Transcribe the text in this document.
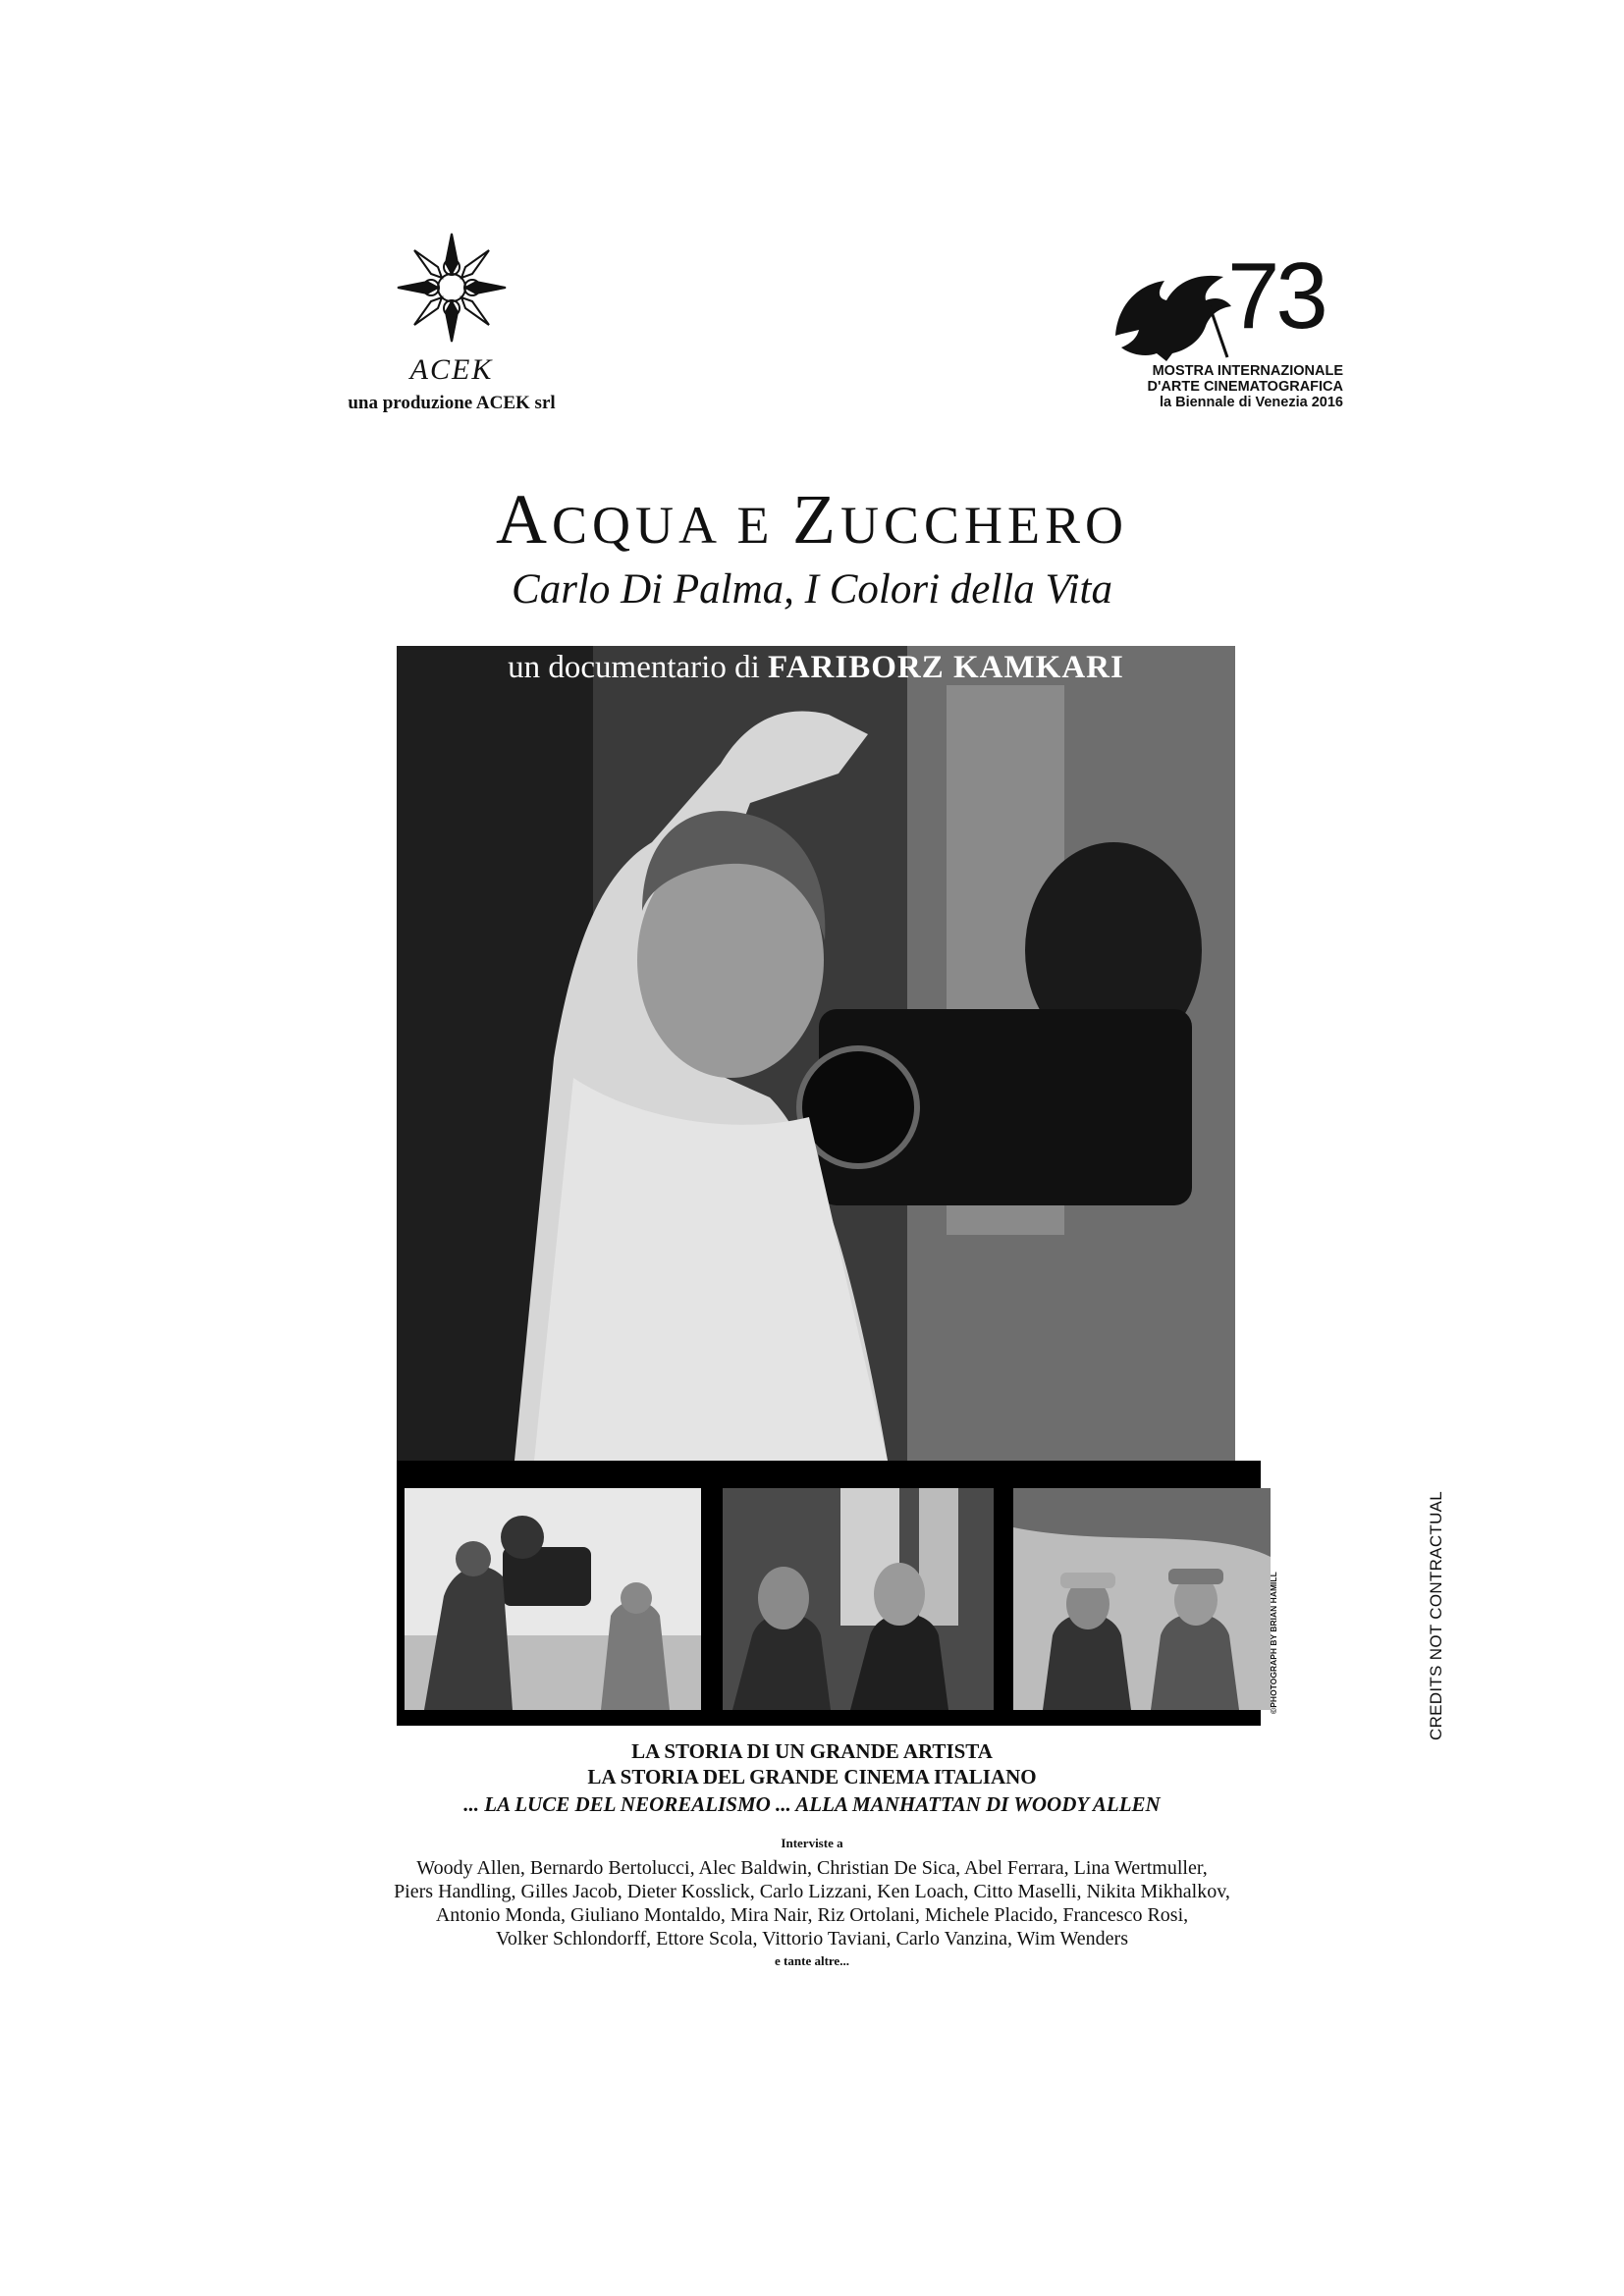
ACEK
una produzione ACEK srl
73
MOSTRA INTERNAZIONALE
D'ARTE CINEMATOGRAFICA
la Biennale di Venezia 2016
ACQUA E ZUCCHERO
Carlo Di Palma, I Colori della Vita
un documentario di FARIBORZ KAMKARI
©PHOTOGRAPH BY BRIAN HAMILL	CREDITS NOT CONTRACTUAL
LA STORIA DI UN GRANDE ARTISTA
LA STORIA DEL GRANDE CINEMA ITALIANO
... LA LUCE DEL NEOREALISMO ... ALLA MANHATTAN DI WOODY ALLEN
Interviste a
Woody Allen, Bernardo Bertolucci, Alec Baldwin, Christian De Sica, Abel Ferrara, Lina Wertmuller,
Piers Handling, Gilles Jacob, Dieter Kosslick, Carlo Lizzani, Ken Loach, Citto Maselli, Nikita Mikhalkov,
Antonio Monda, Giuliano Montaldo, Mira Nair, Riz Ortolani, Michele Placido, Francesco Rosi,
Volker Schlondorff, Ettore Scola, Vittorio Taviani, Carlo Vanzina, Wim Wenders
e tante altre...
